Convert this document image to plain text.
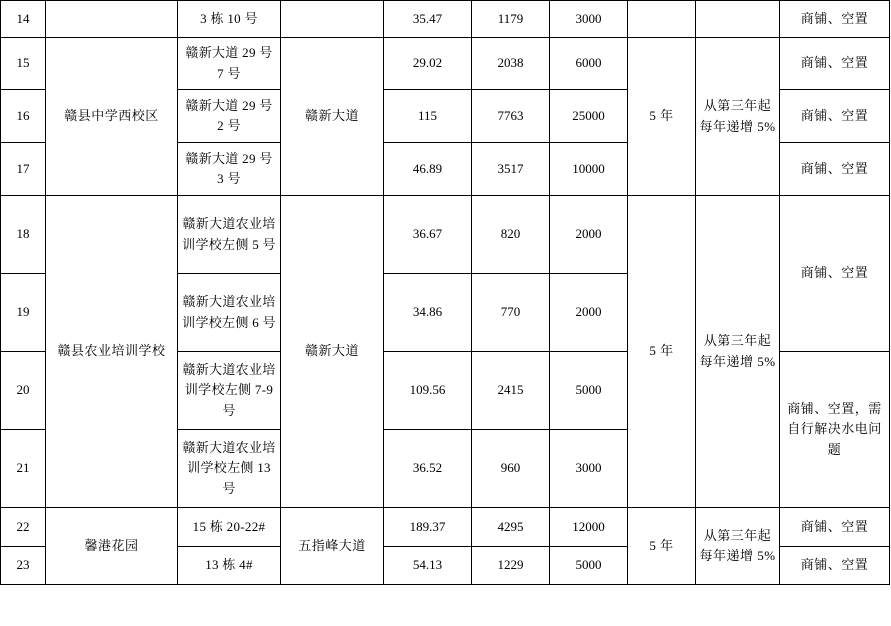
14		3 栋 10 号		35.47	1179	3000			商铺、空置
15	赣县中学西校区	赣新大道 29 号 7 号	赣新大道	29.02	2038	6000	5 年	从第三年起每年递增 5%	商铺、空置
16		赣新大道 29 号 2 号		115	7763	25000			商铺、空置
17		赣新大道 29 号 3 号		46.89	3517	10000			商铺、空置
18	赣县农业培训学校	赣新大道农业培训学校左侧 5 号	赣新大道	36.67	820	2000	5 年	从第三年起每年递增 5%	商铺、空置
19		赣新大道农业培训学校左侧 6 号		34.86	770	2000			
20		赣新大道农业培训学校左侧 7-9 号		109.56	2415	5000			商铺、空置，需自行解决水电问题
21		赣新大道农业培训学校左侧 13 号		36.52	960	3000			
22	馨港花园	15 栋 20-22#	五指峰大道	189.37	4295	12000	5 年	从第三年起每年递增 5%	商铺、空置
23		13 栋 4#		54.13	1229	5000			商铺、空置
